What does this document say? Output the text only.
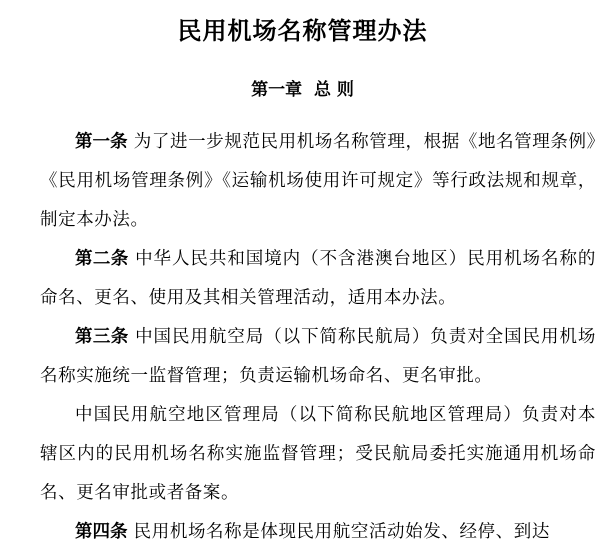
民用机场名称管理办法
第一章  总 则

第一条 为了进一步规范民用机场名称管理，根据《地名管理条例》《民用机场管理条例》《运输机场使用许可规定》等行政法规和规章，制定本办法。

第二条 中华人民共和国境内（不含港澳台地区）民用机场名称的命名、更名、使用及其相关管理活动，适用本办法。

第三条 中国民用航空局（以下简称民航局）负责对全国民用机场名称实施统一监督管理；负责运输机场命名、更名审批。

中国民用航空地区管理局（以下简称民航地区管理局）负责对本辖区内的民用机场名称实施监督管理；受民航局委托实施通用机场命名、更名审批或者备案。

第四条 民用机场名称是体现民用航空活动始发、经停、到达
